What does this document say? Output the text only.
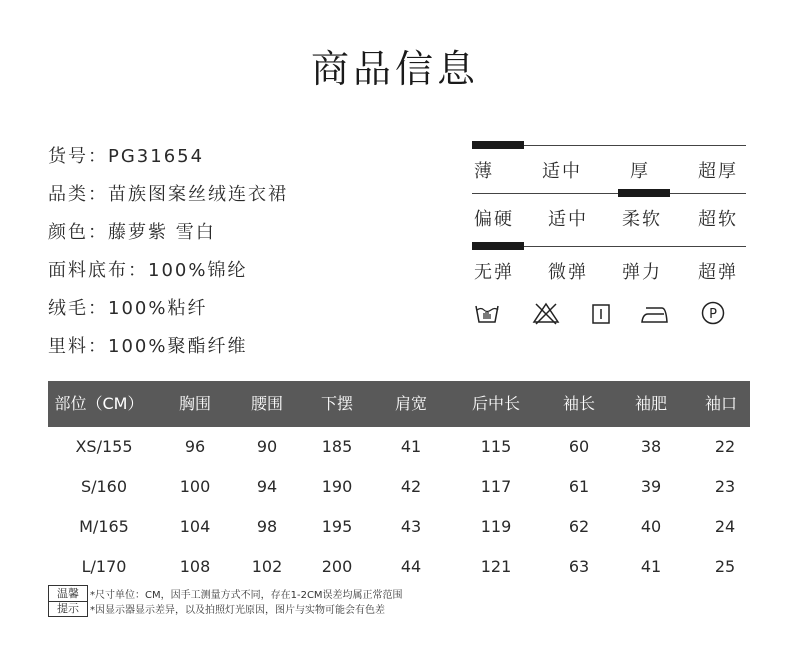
商品信息
货号：PG31654
品类：苗族图案丝绒连衣裙
颜色：藤萝紫 雪白
面料底布：100%锦纶
绒毛：100%粘纤
里料：100%聚酯纤维
薄	适中	厚	超厚
偏硬 适中 柔软 超软
无弹 微弹 弹力 超弹
P
部位（CM）	胸围	腰围	下摆	肩宽	后中长	袖长	袖肥	袖口
XS/155	96	90	185	41	115	60	38	22
S/160	100	94	190	42	117	61	39	23
M/165	104	98	195	43	119	62	40	24
L/170	108	102	200	44	121	63	41	25
温馨
提示
*尺寸单位：CM，因手工测量方式不同，存在1-2CM误差均属正常范围
*因显示器显示差异，以及拍照灯光原因，图片与实物可能会有色差
